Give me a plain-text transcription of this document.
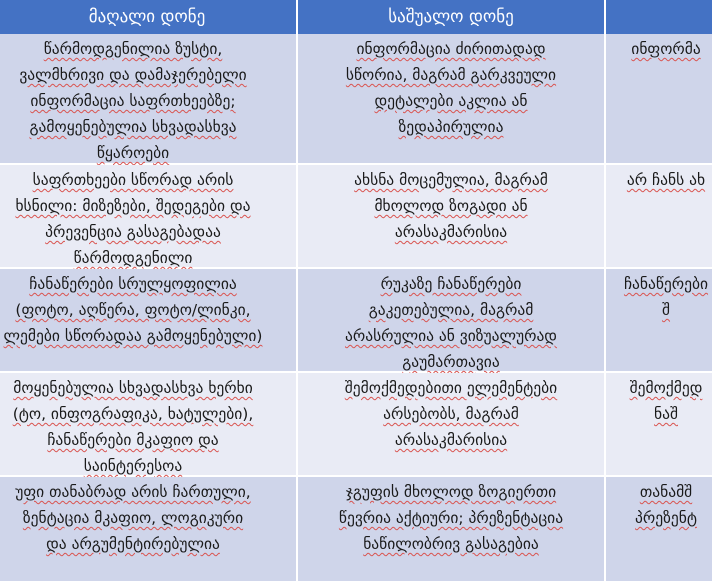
მაღალი დონე	საშუალო დონე
წარმოდგენილია ზუსტი,
ვალმხრივი და დამაჯერებელი
ინფორმაცია საფრთხეებზე;
გამოყენებულია სხვადასხვა
წყაროები
ინფორმაცია ძირითადად
სწორია, მაგრამ გარკვეული
დეტალები აკლია ან
ზედაპირულია
ინფორმა
საფრთხეები სწორად არის
ხსნილი: მიზეზები, შედეგები და
პრევენცია გასაგებადაა
წარმოდგენილი
ახსნა მოცემულია, მაგრამ
მხოლოდ ზოგადი ან
არასაკმარისია
არ ჩანს ახ
ჩანაწერები სრულყოფილია
(ფოტო, აღწერა, ფოტო/ლინკი,
ლემები სწორადაა გამოყენებული)
რუკაზე ჩანაწერები
გაკეთებულია, მაგრამ
არასრულია ან ვიზუალურად
გაუმართავია
ჩანაწერები
შ
მოყენებულია სხვადასხვა ხერხი
(ტო, ინფოგრაფიკა, ხატულები),
ჩანაწერები მკაფიო და
საინტერესოა
შემოქმედებითი ელემენტები
არსებობს, მაგრამ
არასაკმარისია
შემოქმედ
ნაშ
უფი თანაბრად არის ჩართული,
ზენტაცია მკაფიო, ლოგიკური
და არგუმენტირებულია
ჯგუფის მხოლოდ ზოგიერთი
წევრია აქტიური; პრეზენტაცია
ნაწილობრივ გასაგებია
თანამშ
პრეზენტ
